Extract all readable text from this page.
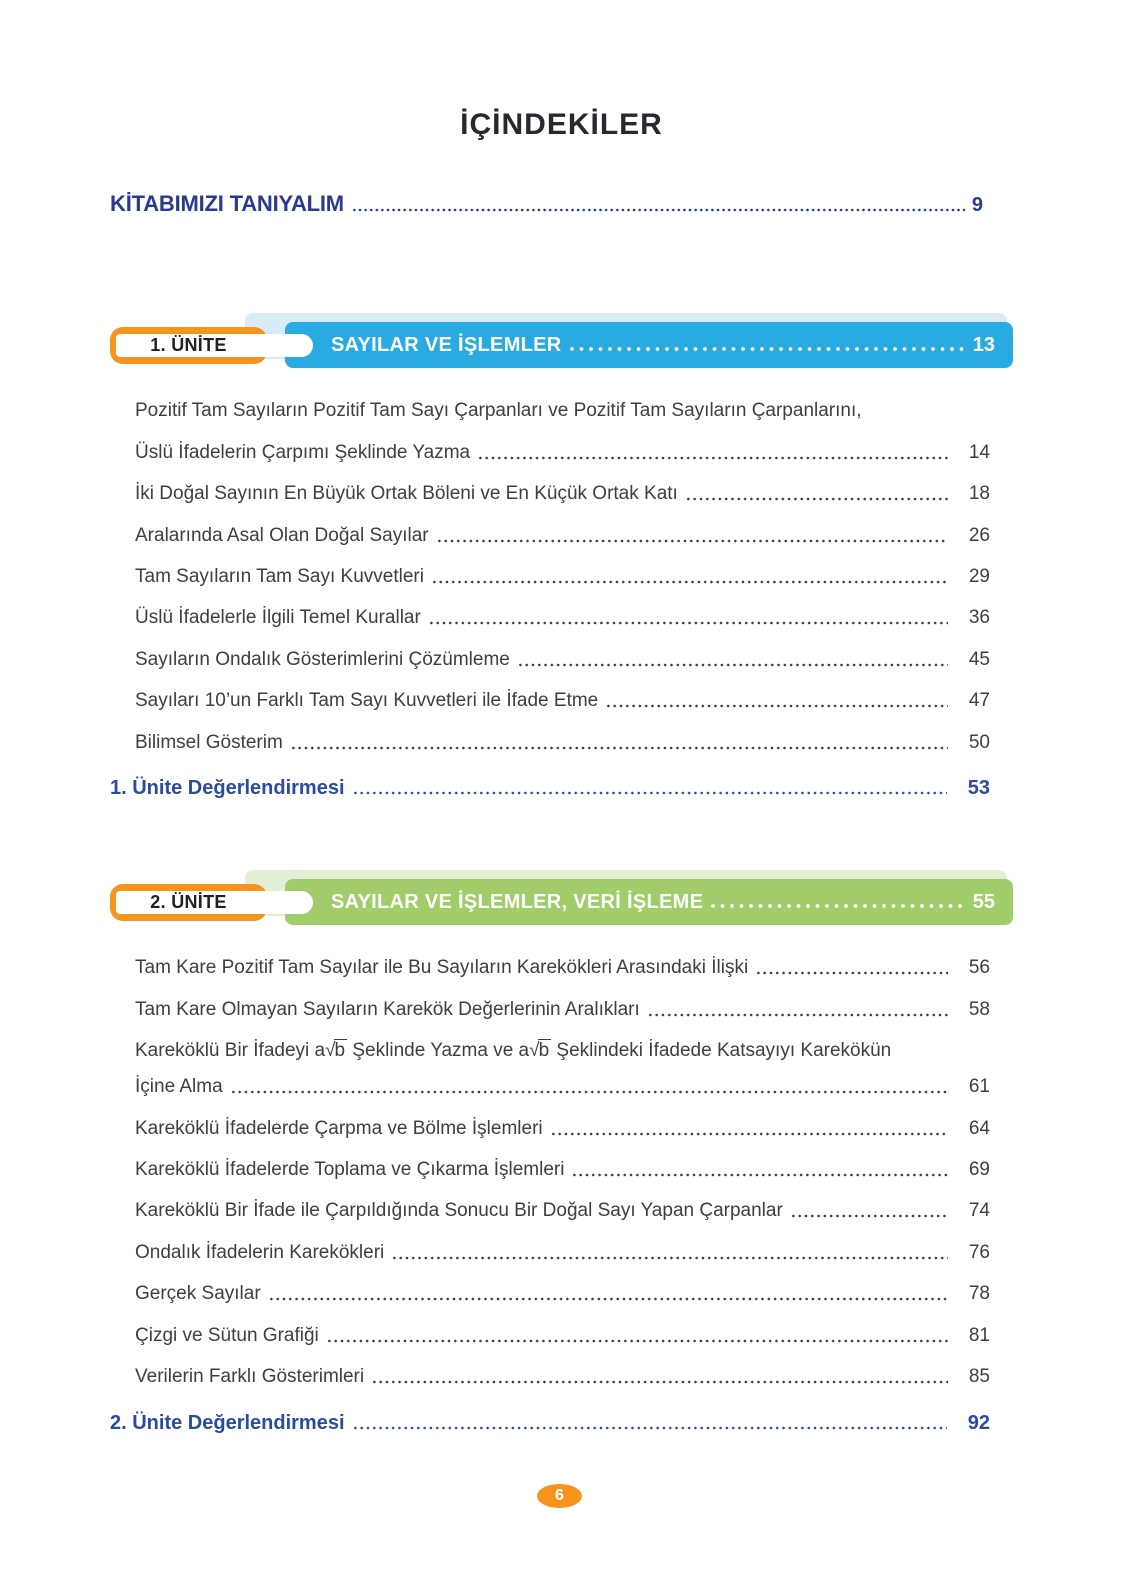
İÇİNDEKİLER
KİTABIMIZI TANIYALIM	9
SAYILAR VE İŞLEMLER	13
1. ÜNİTE
Pozitif Tam Sayıların Pozitif Tam Sayı Çarpanları ve Pozitif Tam Sayıların Çarpanlarını,
Üslü İfadelerin Çarpımı Şeklinde Yazma	14
İki Doğal Sayının En Büyük Ortak Böleni ve En Küçük Ortak Katı	18
Aralarında Asal Olan Doğal Sayılar	26
Tam Sayıların Tam Sayı Kuvvetleri	29
Üslü İfadelerle İlgili Temel Kurallar	36
Sayıların Ondalık Gösterimlerini Çözümleme	45
Sayıları 10’un Farklı Tam Sayı Kuvvetleri ile İfade Etme	47
Bilimsel Gösterim	50
1. Ünite Değerlendirmesi	53
SAYILAR VE İŞLEMLER, VERİ İŞLEME	55
2. ÜNİTE
Tam Kare Pozitif Tam Sayılar ile Bu Sayıların Karekökleri Arasındaki İlişki	56
Tam Kare Olmayan Sayıların Karekök Değerlerinin Aralıkları	58
Kareköklü Bir İfadeyi a√b Şeklinde Yazma ve a√b Şeklindeki İfadede Katsayıyı Karekökün
İçine Alma	61
Kareköklü İfadelerde Çarpma ve Bölme İşlemleri	64
Kareköklü İfadelerde Toplama ve Çıkarma İşlemleri	69
Kareköklü Bir İfade ile Çarpıldığında Sonucu Bir Doğal Sayı Yapan Çarpanlar	74
Ondalık İfadelerin Karekökleri	76
Gerçek Sayılar	78
Çizgi ve Sütun Grafiği	81
Verilerin Farklı Gösterimleri	85
2. Ünite Değerlendirmesi	92
6
